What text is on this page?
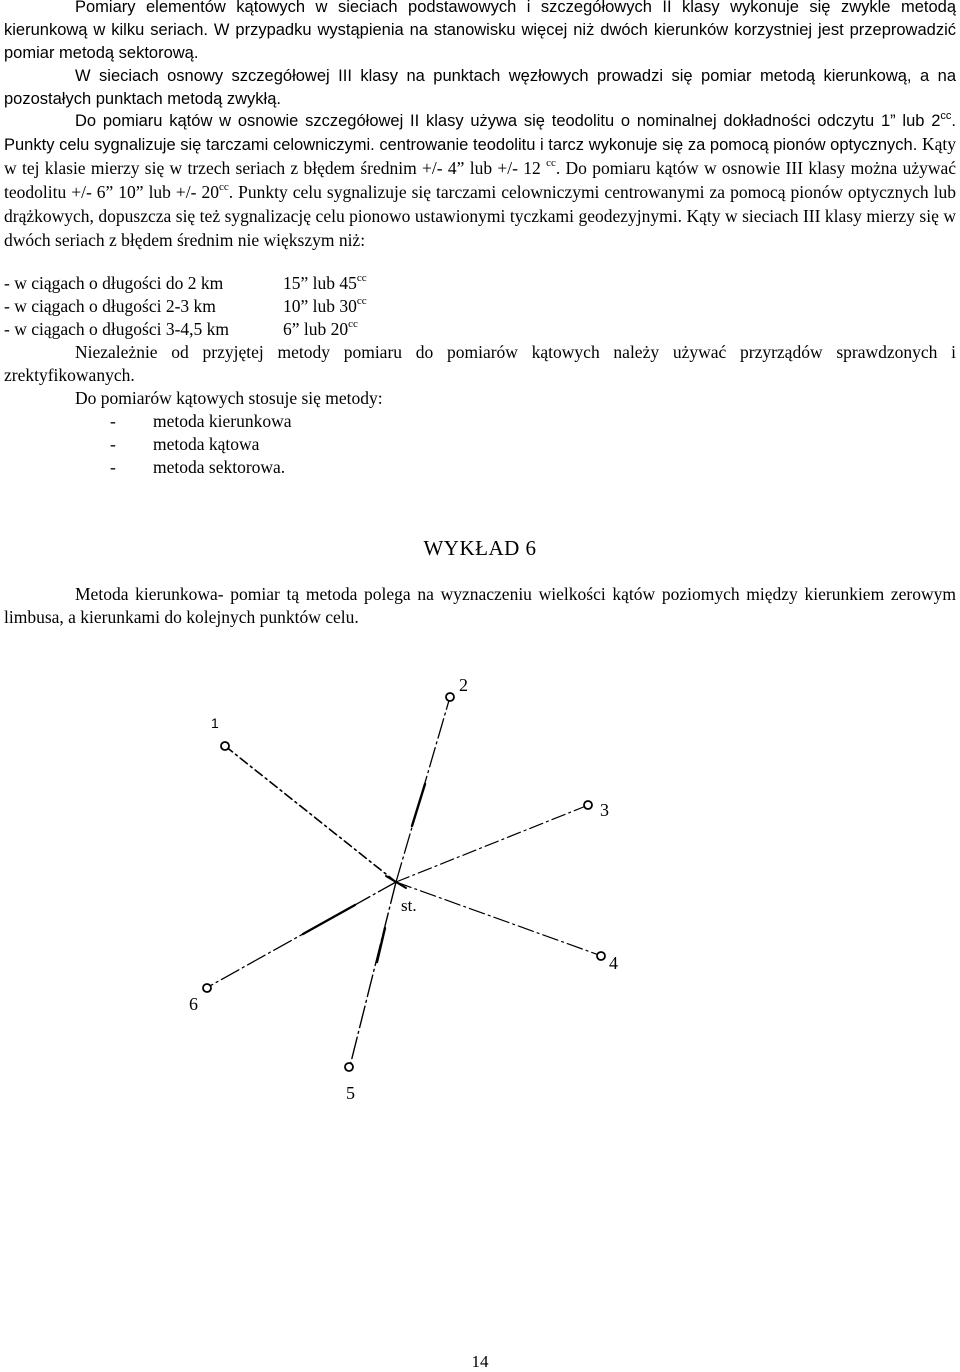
Pomiary elementów kątowych w sieciach podstawowych i szczegółowych II klasy wykonuje się zwykle metodą kierunkową w kilku seriach. W przypadku wystąpienia na stanowisku więcej niż dwóch kierunków korzystniej jest przeprowadzić pomiar metodą sektorową.

W sieciach osnowy szczegółowej III klasy na punktach węzłowych prowadzi się pomiar metodą kierunkową, a na pozostałych punktach metodą zwykłą.

Do pomiaru kątów w osnowie szczegółowej II klasy używa się teodolitu o nominalnej dokładności odczytu 1” lub $2^{cc}$. Punkty celu sygnalizuje się tarczami celowniczymi. centrowanie teodolitu i tarcz wykonuje się za pomocą pionów optycznych. Kąty w tej klasie mierzy się w trzech seriach z błędem średnim +/- 4” lub +/- 12 $^{cc}$. Do pomiaru kątów w osnowie III klasy można używać teodolitu +/- 6” 10” lub +/- $20^{cc}$. Punkty celu sygnalizuje się tarczami celowniczymi centrowanymi za pomocą pionów optycznych lub drążkowych, dopuszcza się też sygnalizację celu pionowo ustawionymi tyczkami geodezyjnymi. Kąty w sieciach III klasy mierzy się w dwóch seriach z błędem średnim nie większym niż:

- w ciągach o długości do 2 km	15” lub $45^{cc}$
- w ciągach o długości 2-3 km	10” lub $30^{cc}$
- w ciągach o długości 3-4,5 km	6” lub $20^{cc}$

Niezależnie od przyjętej metody pomiaru do pomiarów kątowych należy używać przyrządów sprawdzonych i zrektyfikowanych.

Do pomiarów kątowych stosuje się metody:

-	metoda kierunkowa
-	metoda kątowa
-	metoda sektorowa.
WYKŁAD 6

Metoda kierunkowa- pomiar tą metoda polega na wyznaczeniu wielkości kątów poziomych między kierunkiem zerowym limbusa, a kierunkami do kolejnych punktów celu.

1
2
3
4
5
6
st.
14
